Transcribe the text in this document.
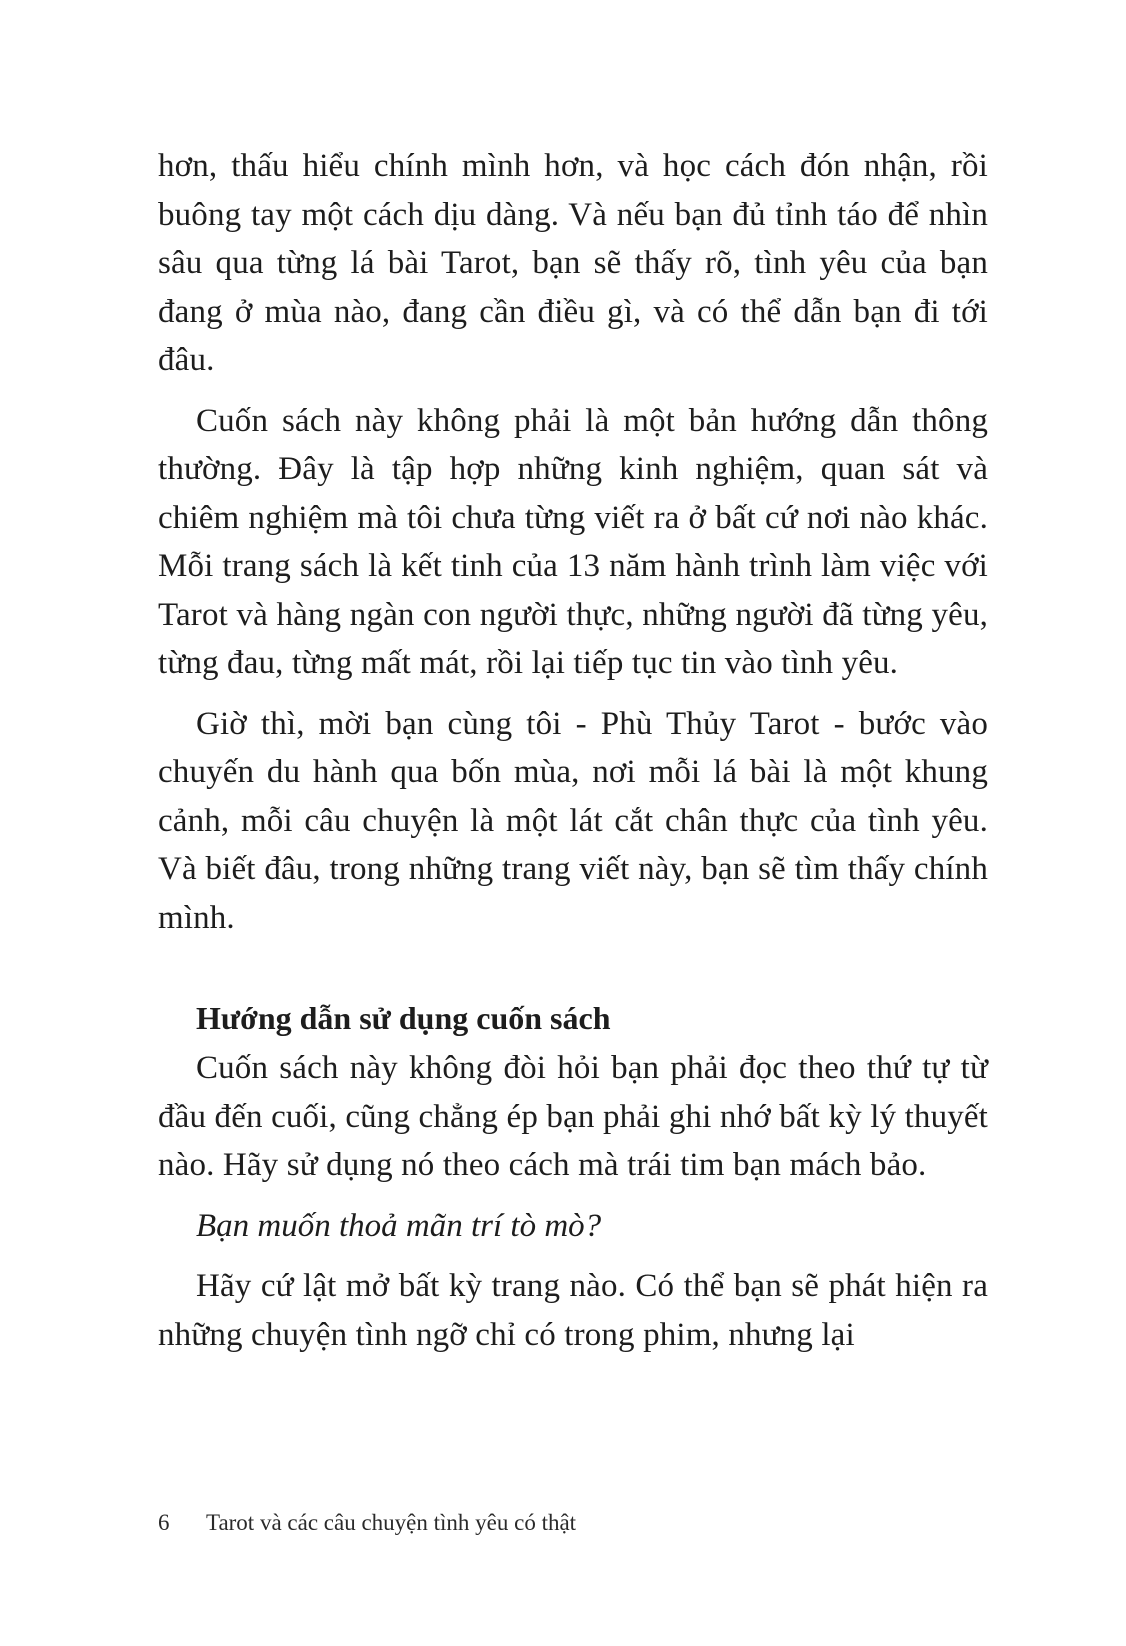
hơn, thấu hiểu chính mình hơn, và học cách đón nhận, rồi buông tay một cách dịu dàng. Và nếu bạn đủ tỉnh táo để nhìn sâu qua từng lá bài Tarot, bạn sẽ thấy rõ, tình yêu của bạn đang ở mùa nào, đang cần điều gì, và có thể dẫn bạn đi tới đâu.

Cuốn sách này không phải là một bản hướng dẫn thông thường. Đây là tập hợp những kinh nghiệm, quan sát và chiêm nghiệm mà tôi chưa từng viết ra ở bất cứ nơi nào khác. Mỗi trang sách là kết tinh của 13 năm hành trình làm việc với Tarot và hàng ngàn con người thực, những người đã từng yêu, từng đau, từng mất mát, rồi lại tiếp tục tin vào tình yêu.

Giờ thì, mời bạn cùng tôi - Phù Thủy Tarot - bước vào chuyến du hành qua bốn mùa, nơi mỗi lá bài là một khung cảnh, mỗi câu chuyện là một lát cắt chân thực của tình yêu. Và biết đâu, trong những trang viết này, bạn sẽ tìm thấy chính mình.

Hướng dẫn sử dụng cuốn sách

Cuốn sách này không đòi hỏi bạn phải đọc theo thứ tự từ đầu đến cuối, cũng chẳng ép bạn phải ghi nhớ bất kỳ lý thuyết nào. Hãy sử dụng nó theo cách mà trái tim bạn mách bảo.

Bạn muốn thoả mãn trí tò mò?

Hãy cứ lật mở bất kỳ trang nào. Có thể bạn sẽ phát hiện ra những chuyện tình ngỡ chỉ có trong phim, nhưng lại

6 Tarot và các câu chuyện tình yêu có thật
